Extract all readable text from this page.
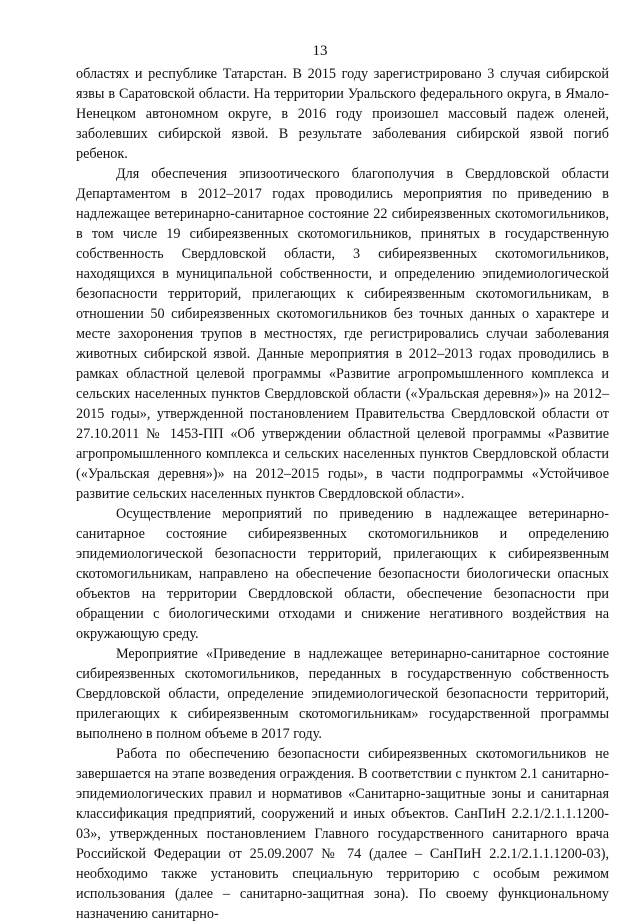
13

областях и республике Татарстан. В 2015 году зарегистрировано 3 случая сибирской язвы в Саратовской области. На территории Уральского федерального округа, в Ямало-Ненецком автономном округе, в 2016 году произошел массовый падеж оленей, заболевших сибирской язвой. В результате заболевания сибирской язвой погиб ребенок.

Для обеспечения эпизоотического благополучия в Свердловской области Департаментом в 2012–2017 годах проводились мероприятия по приведению в надлежащее ветеринарно-санитарное состояние 22 сибиреязвенных скотомогильников, в том числе 19 сибиреязвенных скотомогильников, принятых в государственную собственность Свердловской области, 3 сибиреязвенных скотомогильников, находящихся в муниципальной собственности, и определению эпидемиологической безопасности территорий, прилегающих к сибиреязвенным скотомогильникам, в отношении 50 сибиреязвенных скотомогильников без точных данных о характере и месте захоронения трупов в местностях, где регистрировались случаи заболевания животных сибирской язвой. Данные мероприятия в 2012–2013 годах проводились в рамках областной целевой программы «Развитие агропромышленного комплекса и сельских населенных пунктов Свердловской области («Уральская деревня»)» на 2012–2015 годы», утвержденной постановлением Правительства Свердловской области от 27.10.2011 № 1453-ПП «Об утверждении областной целевой программы «Развитие агропромышленного комплекса и сельских населенных пунктов Свердловской области («Уральская деревня»)» на 2012–2015 годы», в части подпрограммы «Устойчивое развитие сельских населенных пунктов Свердловской области».

Осуществление мероприятий по приведению в надлежащее ветеринарно-санитарное состояние сибиреязвенных скотомогильников и определению эпидемиологической безопасности территорий, прилегающих к сибиреязвенным скотомогильникам, направлено на обеспечение безопасности биологически опасных объектов на территории Свердловской области, обеспечение безопасности при обращении с биологическими отходами и снижение негативного воздействия на окружающую среду.

Мероприятие «Приведение в надлежащее ветеринарно-санитарное состояние сибиреязвенных скотомогильников, переданных в государственную собственность Свердловской области, определение эпидемиологической безопасности территорий, прилегающих к сибиреязвенным скотомогильникам» государственной программы выполнено в полном объеме в 2017 году.

Работа по обеспечению безопасности сибиреязвенных скотомогильников не завершается на этапе возведения ограждения. В соответствии с пунктом 2.1 санитарно-эпидемиологических правил и нормативов «Санитарно-защитные зоны и санитарная классификация предприятий, сооружений и иных объектов. СанПиН 2.2.1/2.1.1.1200-03», утвержденных постановлением Главного государственного санитарного врача Российской Федерации от 25.09.2007 № 74 (далее – СанПиН 2.2.1/2.1.1.1200-03), необходимо также установить специальную территорию с особым режимом использования (далее – санитарно-защитная зона). По своему функциональному назначению санитарно-
